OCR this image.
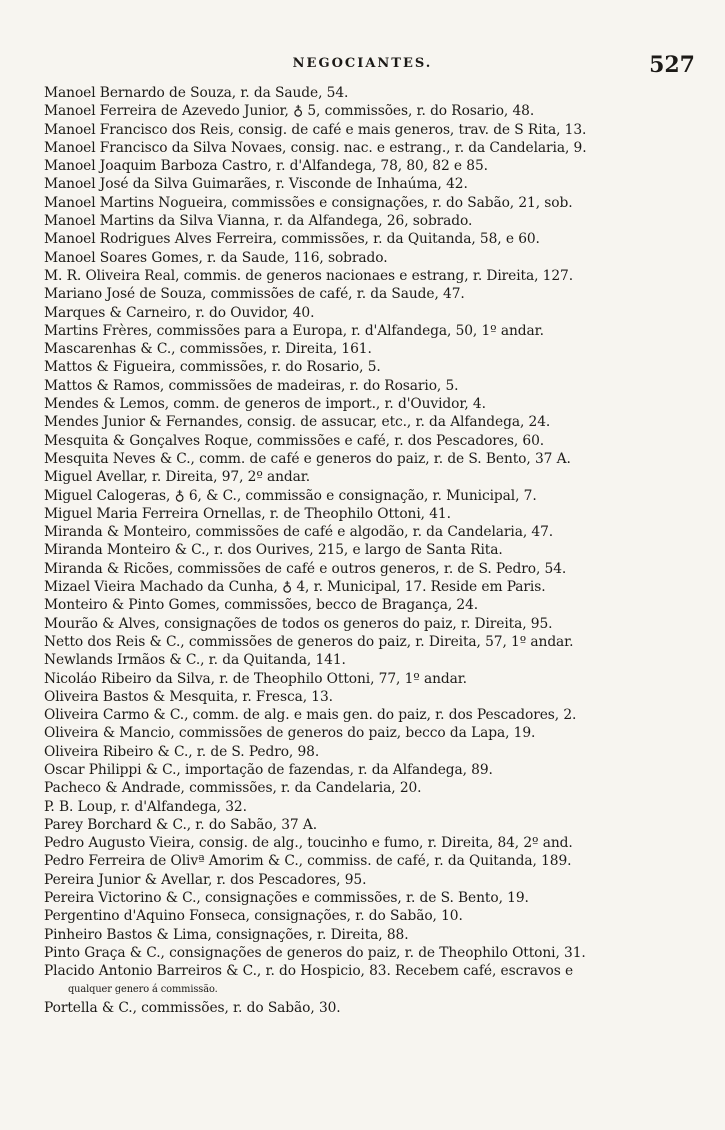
NEGOCIANTES.	527
Manoel Bernardo de Souza, r. da Saude, 54.
Manoel Ferreira de Azevedo Junior, ♁ 5, commissões, r. do Rosario, 48.
Manoel Francisco dos Reis, consig. de café e mais generos, trav. de S Rita, 13.
Manoel Francisco da Silva Novaes, consig. nac. e estrang., r. da Candelaria, 9.
Manoel Joaquim Barboza Castro, r. d'Alfandega, 78, 80, 82 e 85.
Manoel José da Silva Guimarães, r. Visconde de Inhaúma, 42.
Manoel Martins Nogueira, commissões e consignações, r. do Sabão, 21, sob.
Manoel Martins da Silva Vianna, r. da Alfandega, 26, sobrado.
Manoel Rodrigues Alves Ferreira, commissões, r. da Quitanda, 58, e 60.
Manoel Soares Gomes, r. da Saude, 116, sobrado.
M. R. Oliveira Real, commis. de generos nacionaes e estrang, r. Direita, 127.
Mariano José de Souza, commissões de café, r. da Saude, 47.
Marques & Carneiro, r. do Ouvidor, 40.
Martins Frères, commissões para a Europa, r. d'Alfandega, 50, 1º andar.
Mascarenhas & C., commissões, r. Direita, 161.
Mattos & Figueira, commissões, r. do Rosario, 5.
Mattos & Ramos, commissões de madeiras, r. do Rosario, 5.
Mendes & Lemos, comm. de generos de import., r. d'Ouvidor, 4.
Mendes Junior & Fernandes, consig. de assucar, etc., r. da Alfandega, 24.
Mesquita & Gonçalves Roque, commissões e café, r. dos Pescadores, 60.
Mesquita Neves & C., comm. de café e generos do paiz, r. de S. Bento, 37 A.
Miguel Avellar, r. Direita, 97, 2º andar.
Miguel Calogeras, ♁ 6, & C., commissão e consignação, r. Municipal, 7.
Miguel Maria Ferreira Ornellas, r. de Theophilo Ottoni, 41.
Miranda & Monteiro, commissões de café e algodão, r. da Candelaria, 47.
Miranda Monteiro & C., r. dos Ourives, 215, e largo de Santa Rita.
Miranda & Ricões, commissões de café e outros generos, r. de S. Pedro, 54.
Mizael Vieira Machado da Cunha, ♁ 4, r. Municipal, 17. Reside em Paris.
Monteiro & Pinto Gomes, commissões, becco de Bragança, 24.
Mourão & Alves, consignações de todos os generos do paiz, r. Direita, 95.
Netto dos Reis & C., commissões de generos do paiz, r. Direita, 57, 1º andar.
Newlands Irmãos & C., r. da Quitanda, 141.
Nicoláo Ribeiro da Silva, r. de Theophilo Ottoni, 77, 1º andar.
Oliveira Bastos & Mesquita, r. Fresca, 13.
Oliveira Carmo & C., comm. de alg. e mais gen. do paiz, r. dos Pescadores, 2.
Oliveira & Mancio, commissões de generos do paiz, becco da Lapa, 19.
Oliveira Ribeiro & C., r. de S. Pedro, 98.
Oscar Philippi & C., importação de fazendas, r. da Alfandega, 89.
Pacheco & Andrade, commissões, r. da Candelaria, 20.
P. B. Loup, r. d'Alfandega, 32.
Parey Borchard & C., r. do Sabão, 37 A.
Pedro Augusto Vieira, consig. de alg., toucinho e fumo, r. Direita, 84, 2º and.
Pedro Ferreira de Olivª Amorim & C., commiss. de café, r. da Quitanda, 189.
Pereira Junior & Avellar, r. dos Pescadores, 95.
Pereira Victorino & C., consignações e commissões, r. de S. Bento, 19.
Pergentino d'Aquino Fonseca, consignações, r. do Sabão, 10.
Pinheiro Bastos & Lima, consignações, r. Direita, 88.
Pinto Graça & C., consignações de generos do paiz, r. de Theophilo Ottoni, 31.
Placido Antonio Barreiros & C., r. do Hospicio, 83. Recebem café, escravos e
qualquer genero á commissão.
Portella & C., commissões, r. do Sabão, 30.
